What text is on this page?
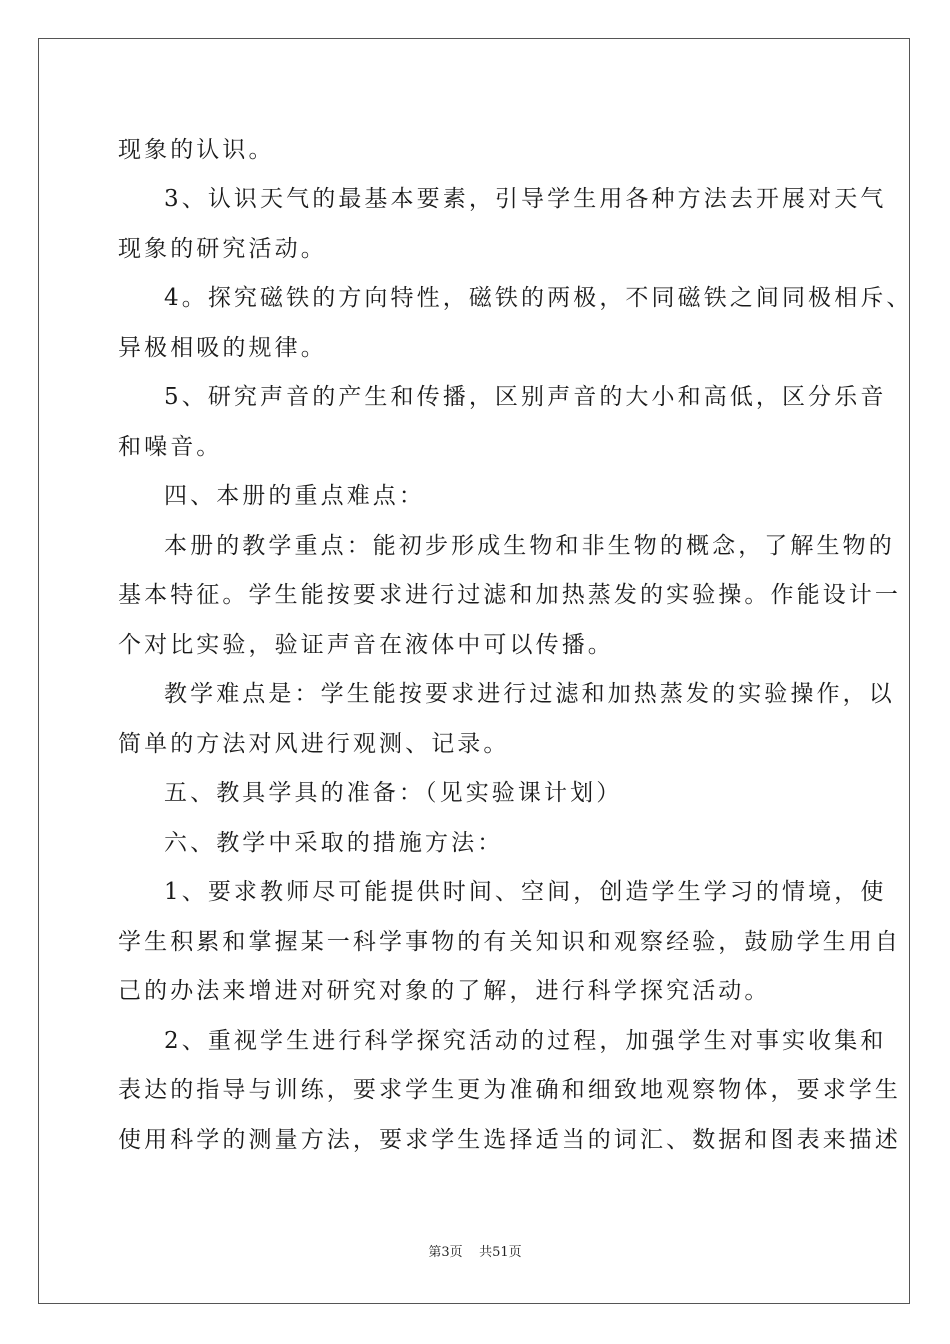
现象的认识。
3、认识天气的最基本要素，引导学生用各种方法去开展对天气
现象的研究活动。
4。探究磁铁的方向特性，磁铁的两极，不同磁铁之间同极相斥、
异极相吸的规律。
5、研究声音的产生和传播，区别声音的大小和高低，区分乐音
和噪音。
四、本册的重点难点：
本册的教学重点：能初步形成生物和非生物的概念，了解生物的
基本特征。学生能按要求进行过滤和加热蒸发的实验操。作能设计一
个对比实验，验证声音在液体中可以传播。
教学难点是：学生能按要求进行过滤和加热蒸发的实验操作，以
简单的方法对风进行观测、记录。
五、教具学具的准备：（见实验课计划）
六、教学中采取的措施方法：
1、要求教师尽可能提供时间、空间，创造学生学习的情境，使
学生积累和掌握某一科学事物的有关知识和观察经验，鼓励学生用自
己的办法来增进对研究对象的了解，进行科学探究活动。
2、重视学生进行科学探究活动的过程，加强学生对事实收集和
表达的指导与训练，要求学生更为准确和细致地观察物体，要求学生
使用科学的测量方法，要求学生选择适当的词汇、数据和图表来描述
第3页    共51页
